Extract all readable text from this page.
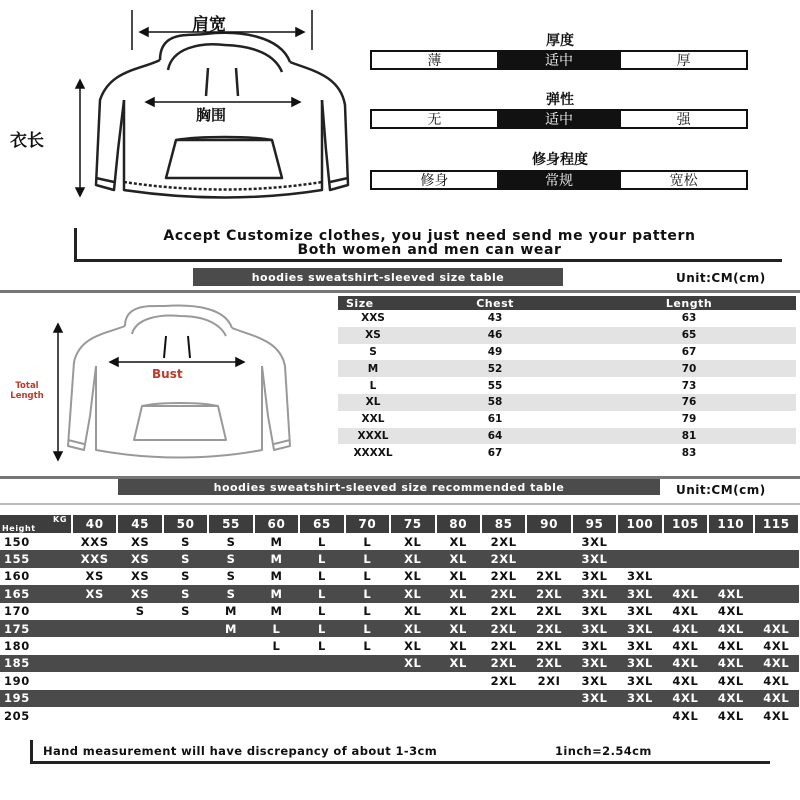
肩宽
胸围
衣长
厚度
薄	适中	厚
弹性
无	适中	强
修身程度
修身	常规	宽松
Accept Customize clothes, you just need send me your pattern
Both women and men can wear
hoodies sweatshirt-sleeved size table	Unit:CM(cm)
Bust
Total
Length
Size	Chest	Length
XXS	43	63
XS	46	65
S	49	67
M	52	70
L	55	73
XL	58	76
XXL	61	79
XXXL	64	81
XXXXL	67	83
hoodies sweatshirt-sleeved size recommended table	Unit:CM(cm)
KG
Height	40	45	50	55	60	65	70	75	80	85	90	95	100	105	110	115
150	XXS	XS	S	S	M	L	L	XL	XL	2XL		3XL				
155	XXS	XS	S	S	M	L	L	XL	XL	2XL		3XL				
160	XS	XS	S	S	M	L	L	XL	XL	2XL	2XL	3XL	3XL			
165	XS	XS	S	S	M	L	L	XL	XL	2XL	2XL	3XL	3XL	4XL	4XL	
170		S	S	M	M	L	L	XL	XL	2XL	2XL	3XL	3XL	4XL	4XL	
175				M	L	L	L	XL	XL	2XL	2XL	3XL	3XL	4XL	4XL	4XL
180					L	L	L	XL	XL	2XL	2XL	3XL	3XL	4XL	4XL	4XL
185								XL	XL	2XL	2XL	3XL	3XL	4XL	4XL	4XL
190										2XL	2XI	3XL	3XL	4XL	4XL	4XL
195												3XL	3XL	4XL	4XL	4XL
205														4XL	4XL	4XL
Hand measurement will have discrepancy of about 1-3cm	1inch=2.54cm
